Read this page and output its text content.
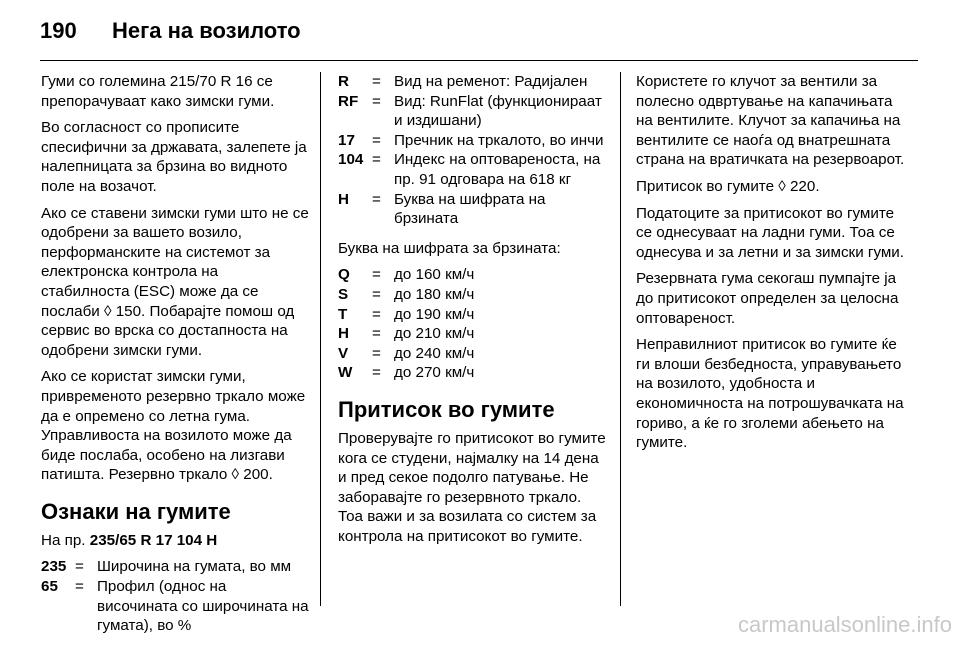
190 Нега на возилото

Гуми со големина 215/70 R 16 се препорачуваат како зимски гуми.

Во согласност со прописите спесифични за државата, залепете ја налепницата за брзина во видното поле на возачот.

Ако се ставени зимски гуми што не се одобрени за вашето возило, перформанските на системот за електронска контрола на стабилноста (ESC) може да се послаби ◊ 150. Побарајте помош од сервис во врска со достапноста на одобрени зимски гуми.

Ако се користат зимски гуми, привременото резервно тркало може да е опремено со летна гума. Управливоста на возилото може да биде послаба, особено на лизгави патишта. Резервно тркало ◊ 200.

Ознаки на гумите

На пр. 235/65 R 17 104 H

235 = Широчина на гумата, во мм
65	= Профил (однос на височината со широчината на гумата), во %
R	= Вид на ременот: Радијален
RF = Вид: RunFlat (функционираат и издишани)
17	= Пречник на тркалото, во инчи
104 = Индекс на оптовареноста, на пр. 91 одговара на 618 кг
H	= Буква на шифрата на брзината

Буква на шифрата за брзината:

Q	= до 160 км/ч
S	= до 180 км/ч
T	= до 190 км/ч
H	= до 210 км/ч
V	= до 240 км/ч
W	= до 270 км/ч
Притисок во гумите

Проверувајте го притисокот во гумите кога се студени, најмалку на 14 дена и пред секое подолго патување. Не заборавајте го резервното тркало. Тоа важи и за возилата со систем за контрола на притисокот во гумите.

Користете го клучот за вентили за полесно одвртување на капачињата на вентилите. Клучот за капачиња на вентилите се наоѓа од внатрешната страна на вратичката на резервоарот.

Притисок во гумите ◊ 220.

Податоците за притисокот во гумите се однесуваат на ладни гуми. Тоа се однесува и за летни и за зимски гуми.

Резервната гума секогаш пумпајте ја до притисокот определен за целосна оптовареност.

Неправилниот притисок во гумите ќе ги влоши безбедноста, управувањето на возилото, удобноста и економичноста на потрошувачката на гориво, а ќе го зголеми абењето на гумите.

carmanualsonline.info
